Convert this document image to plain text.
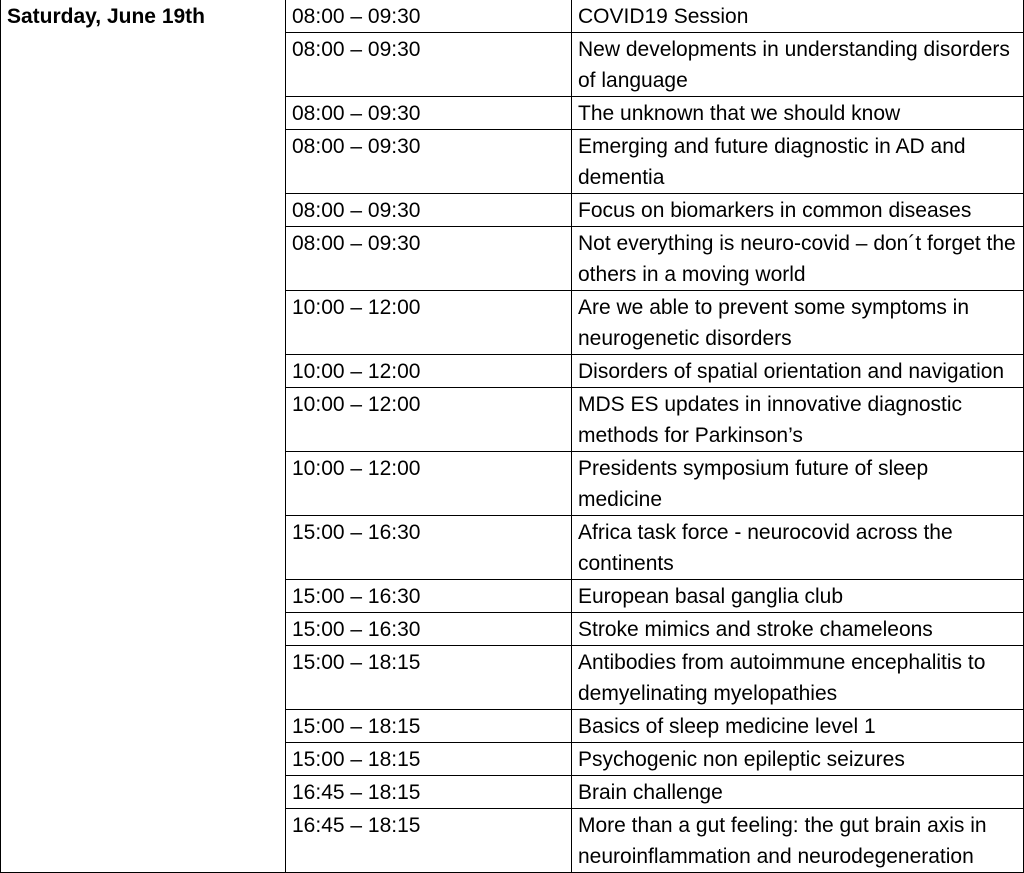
Saturday, June 19th	08:00 – 09:30	COVID19 Session
	08:00 – 09:30	New developments in understanding disorders of language
	08:00 – 09:30	The unknown that we should know
	08:00 – 09:30	Emerging and future diagnostic in AD and dementia
	08:00 – 09:30	Focus on biomarkers in common diseases
	08:00 – 09:30	Not everything is neuro-covid – don´t forget the others in a moving world
	10:00 – 12:00	Are we able to prevent some symptoms in neurogenetic disorders
	10:00 – 12:00	Disorders of spatial orientation and navigation
	10:00 – 12:00	MDS ES updates in innovative diagnostic methods for Parkinson’s
	10:00 – 12:00	Presidents symposium future of sleep medicine
	15:00 – 16:30	Africa task force - neurocovid across the continents
	15:00 – 16:30	European basal ganglia club
	15:00 – 16:30	Stroke mimics and stroke chameleons
	15:00 – 18:15	Antibodies from autoimmune encephalitis to demyelinating myelopathies
	15:00 – 18:15	Basics of sleep medicine level 1
	15:00 – 18:15	Psychogenic non epileptic seizures
	16:45 – 18:15	Brain challenge
	16:45 – 18:15	More than a gut feeling: the gut brain axis in neuroinflammation and neurodegeneration
